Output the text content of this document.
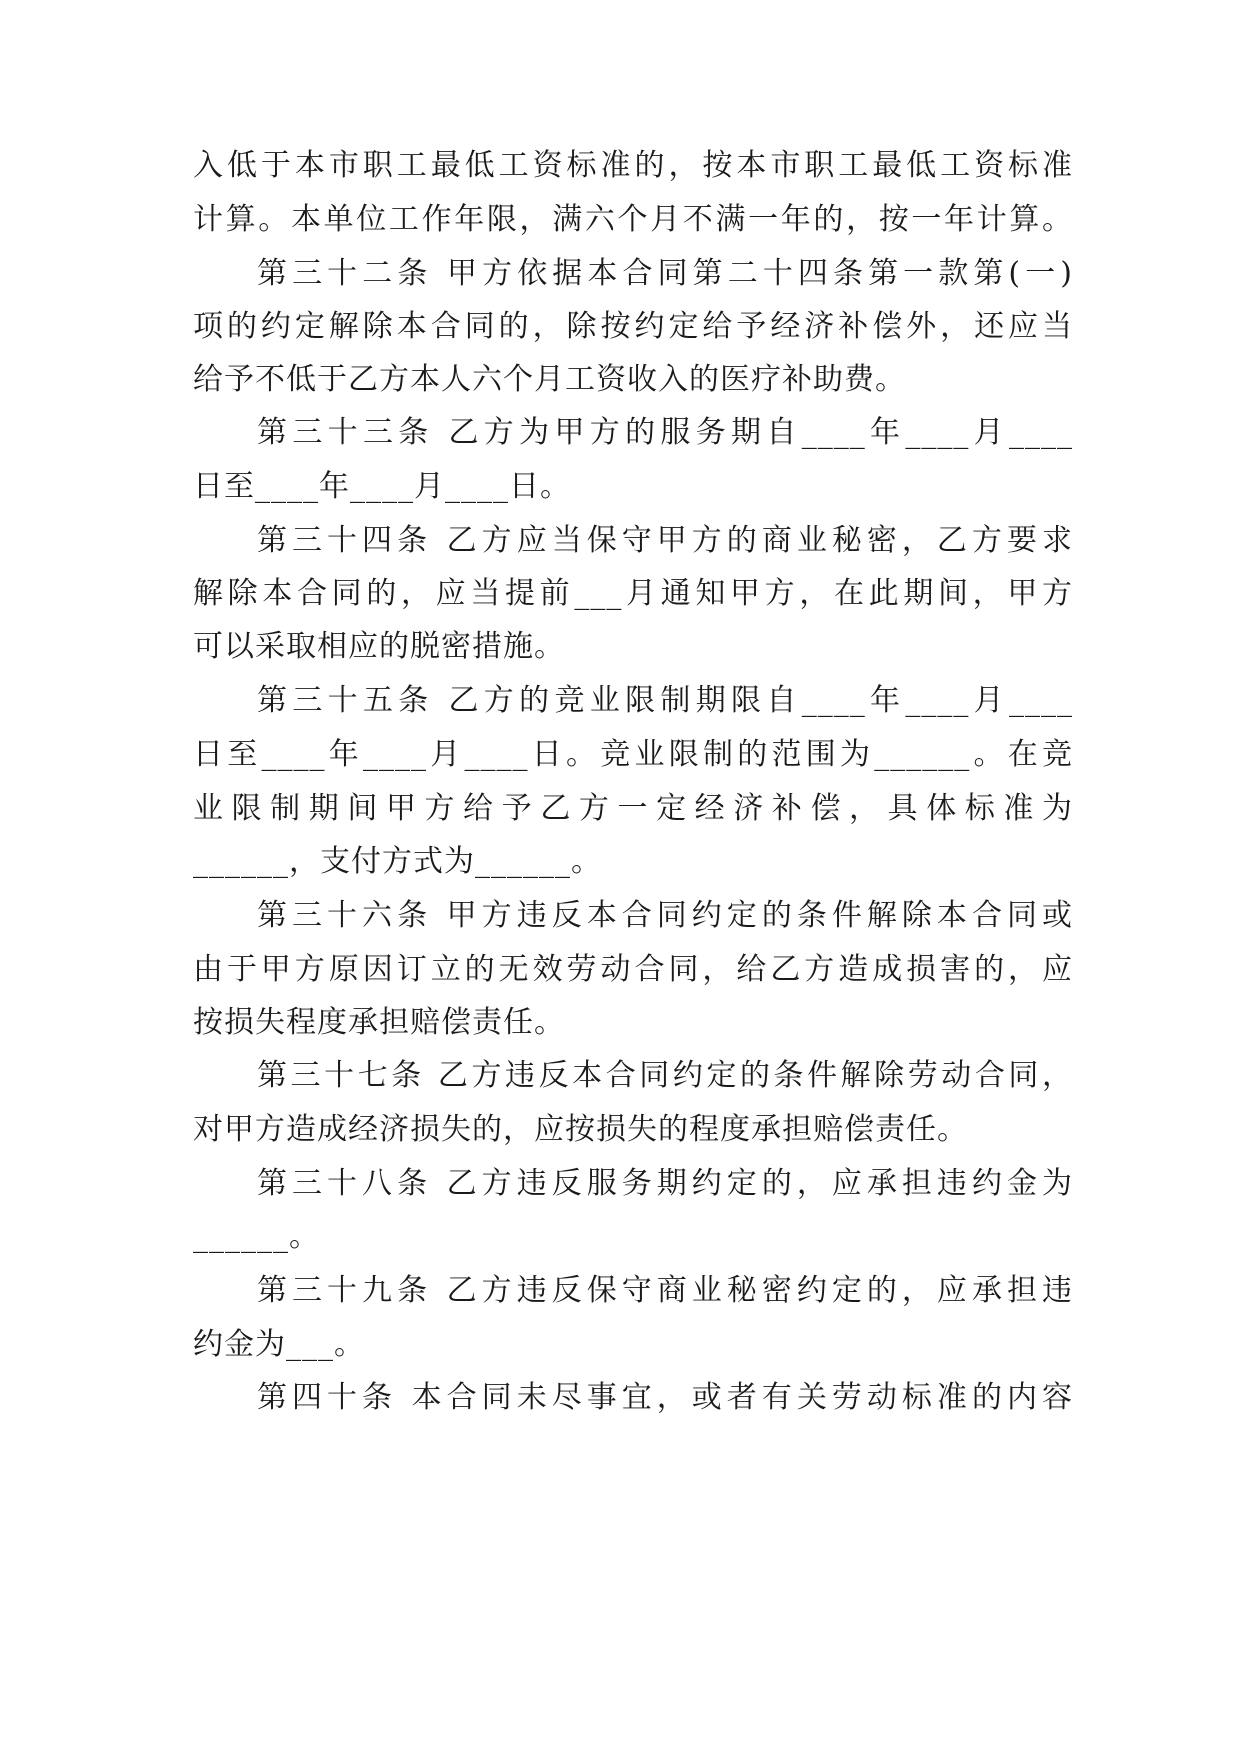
入低于本市职工最低工资标准的，按本市职工最低工资标准
计算。本单位工作年限，满六个月不满一年的，按一年计算。
第三十二条 甲方依据本合同第二十四条第一款第(一)
项的约定解除本合同的，除按约定给予经济补偿外，还应当
给予不低于乙方本人六个月工资收入的医疗补助费。
第三十三条 乙方为甲方的服务期自____年____月____
日至____年____月____日。
第三十四条 乙方应当保守甲方的商业秘密，乙方要求
解除本合同的，应当提前___月通知甲方，在此期间，甲方
可以采取相应的脱密措施。
第三十五条 乙方的竞业限制期限自____年____月____
日至____年____月____日。竞业限制的范围为______。在竞
业限制期间甲方给予乙方一定经济补偿，具体标准为
______，支付方式为______。
第三十六条 甲方违反本合同约定的条件解除本合同或
由于甲方原因订立的无效劳动合同，给乙方造成损害的，应
按损失程度承担赔偿责任。
第三十七条 乙方违反本合同约定的条件解除劳动合同，
对甲方造成经济损失的，应按损失的程度承担赔偿责任。
第三十八条 乙方违反服务期约定的，应承担违约金为
______。
第三十九条 乙方违反保守商业秘密约定的，应承担违
约金为___。
第四十条 本合同未尽事宜，或者有关劳动标准的内容
